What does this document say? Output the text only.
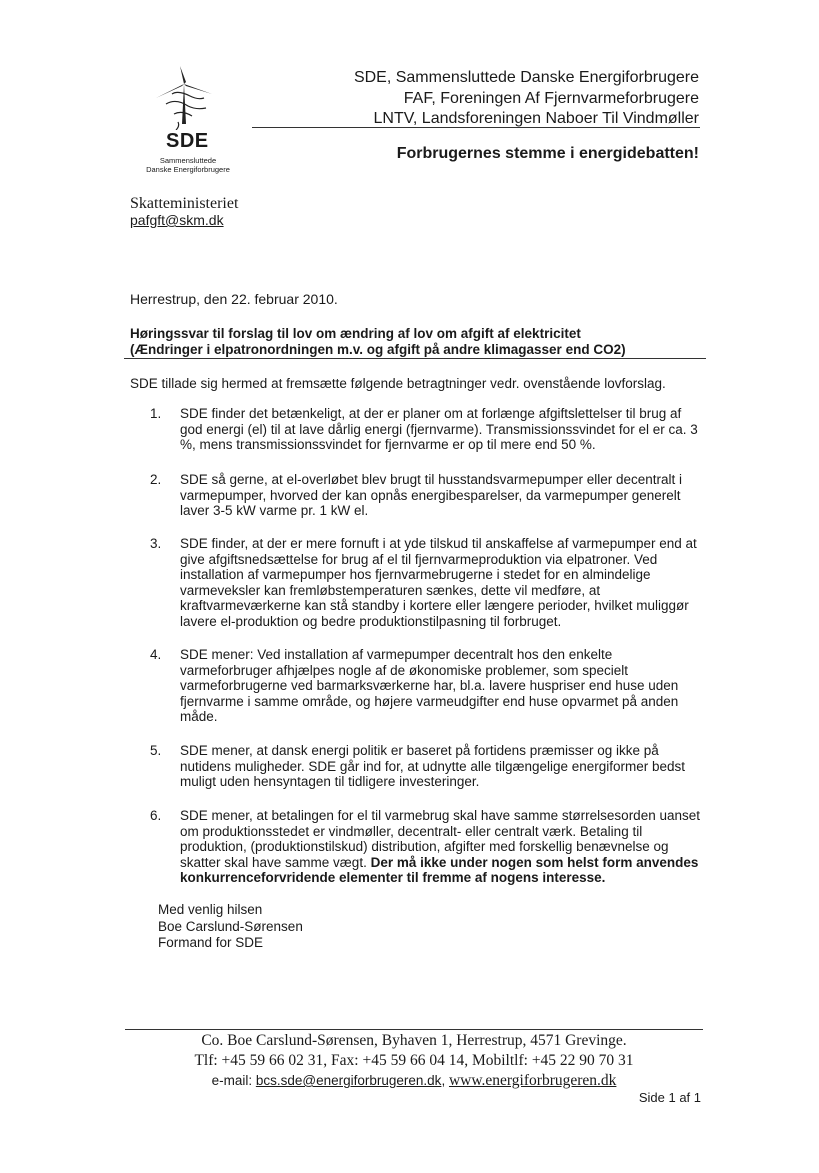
SDE
Sammensluttede
Danske Energiforbrugere
SDE, Sammensluttede Danske Energiforbrugere
FAF, Foreningen Af Fjernvarmeforbrugere
LNTV, Landsforeningen Naboer Til Vindmøller
Forbrugernes stemme i energidebatten!
Skatteministeriet
pafgft@skm.dk
Herrestrup, den 22. februar 2010.
Høringssvar til forslag til lov om ændring af lov om afgift af elektricitet
(Ændringer i elpatronordningen m.v. og afgift på andre klimagasser end CO2)
SDE tillade sig hermed at fremsætte følgende betragtninger vedr. ovenstående lovforslag.
1.	SDE finder det betænkeligt, at der er planer om at forlænge afgiftslettelser til brug af god energi (el) til at lave dårlig energi (fjernvarme). Transmissionssvindet for el er ca. 3 %, mens transmissionssvindet for fjernvarme er op til mere end 50 %.
2.	SDE så gerne, at el-overløbet blev brugt til husstandsvarmepumper eller decentralt i varmepumper, hvorved der kan opnås energibesparelser, da varmepumper generelt laver 3-5 kW varme pr. 1 kW el.
3.	SDE finder, at der er mere fornuft i at yde tilskud til anskaffelse af varmepumper end at give afgiftsnedsættelse for brug af el til fjernvarmeproduktion via elpatroner. Ved installation af varmepumper hos fjernvarmebrugerne i stedet for en almindelige varmeveksler kan fremløbstemperaturen sænkes, dette vil medføre, at kraftvarmeværkerne kan stå standby i kortere eller længere perioder, hvilket muliggør lavere el-produktion og bedre produktionstilpasning til forbruget.
4.	SDE mener: Ved installation af varmepumper decentralt hos den enkelte varmeforbruger afhjælpes nogle af de økonomiske problemer, som specielt varmeforbrugerne ved barmarksværkerne har, bl.a. lavere huspriser end huse uden fjernvarme i samme område, og højere varmeudgifter end huse opvarmet på anden måde.
5.	SDE mener, at dansk energi politik er baseret på fortidens præmisser og ikke på nutidens muligheder. SDE går ind for, at udnytte alle tilgængelige energiformer bedst muligt uden hensyntagen til tidligere investeringer.
6.	SDE mener, at betalingen for el til varmebrug skal have samme størrelsesorden uanset om produktionsstedet er vindmøller, decentralt- eller centralt værk. Betaling til produktion, (produktionstilskud) distribution, afgifter med forskellig benævnelse og skatter skal have samme vægt. Der må ikke under nogen som helst form anvendes konkurrenceforvridende elementer til fremme af nogens interesse.
Med venlig hilsen
Boe Carslund-Sørensen
Formand for SDE
Co. Boe Carslund-Sørensen, Byhaven 1, Herrestrup, 4571 Grevinge.
Tlf: +45 59 66 02 31, Fax: +45 59 66 04 14, Mobiltlf: +45 22 90 70 31
e-mail: bcs.sde@energiforbrugeren.dk, www.energiforbrugeren.dk
Side 1 af 1
